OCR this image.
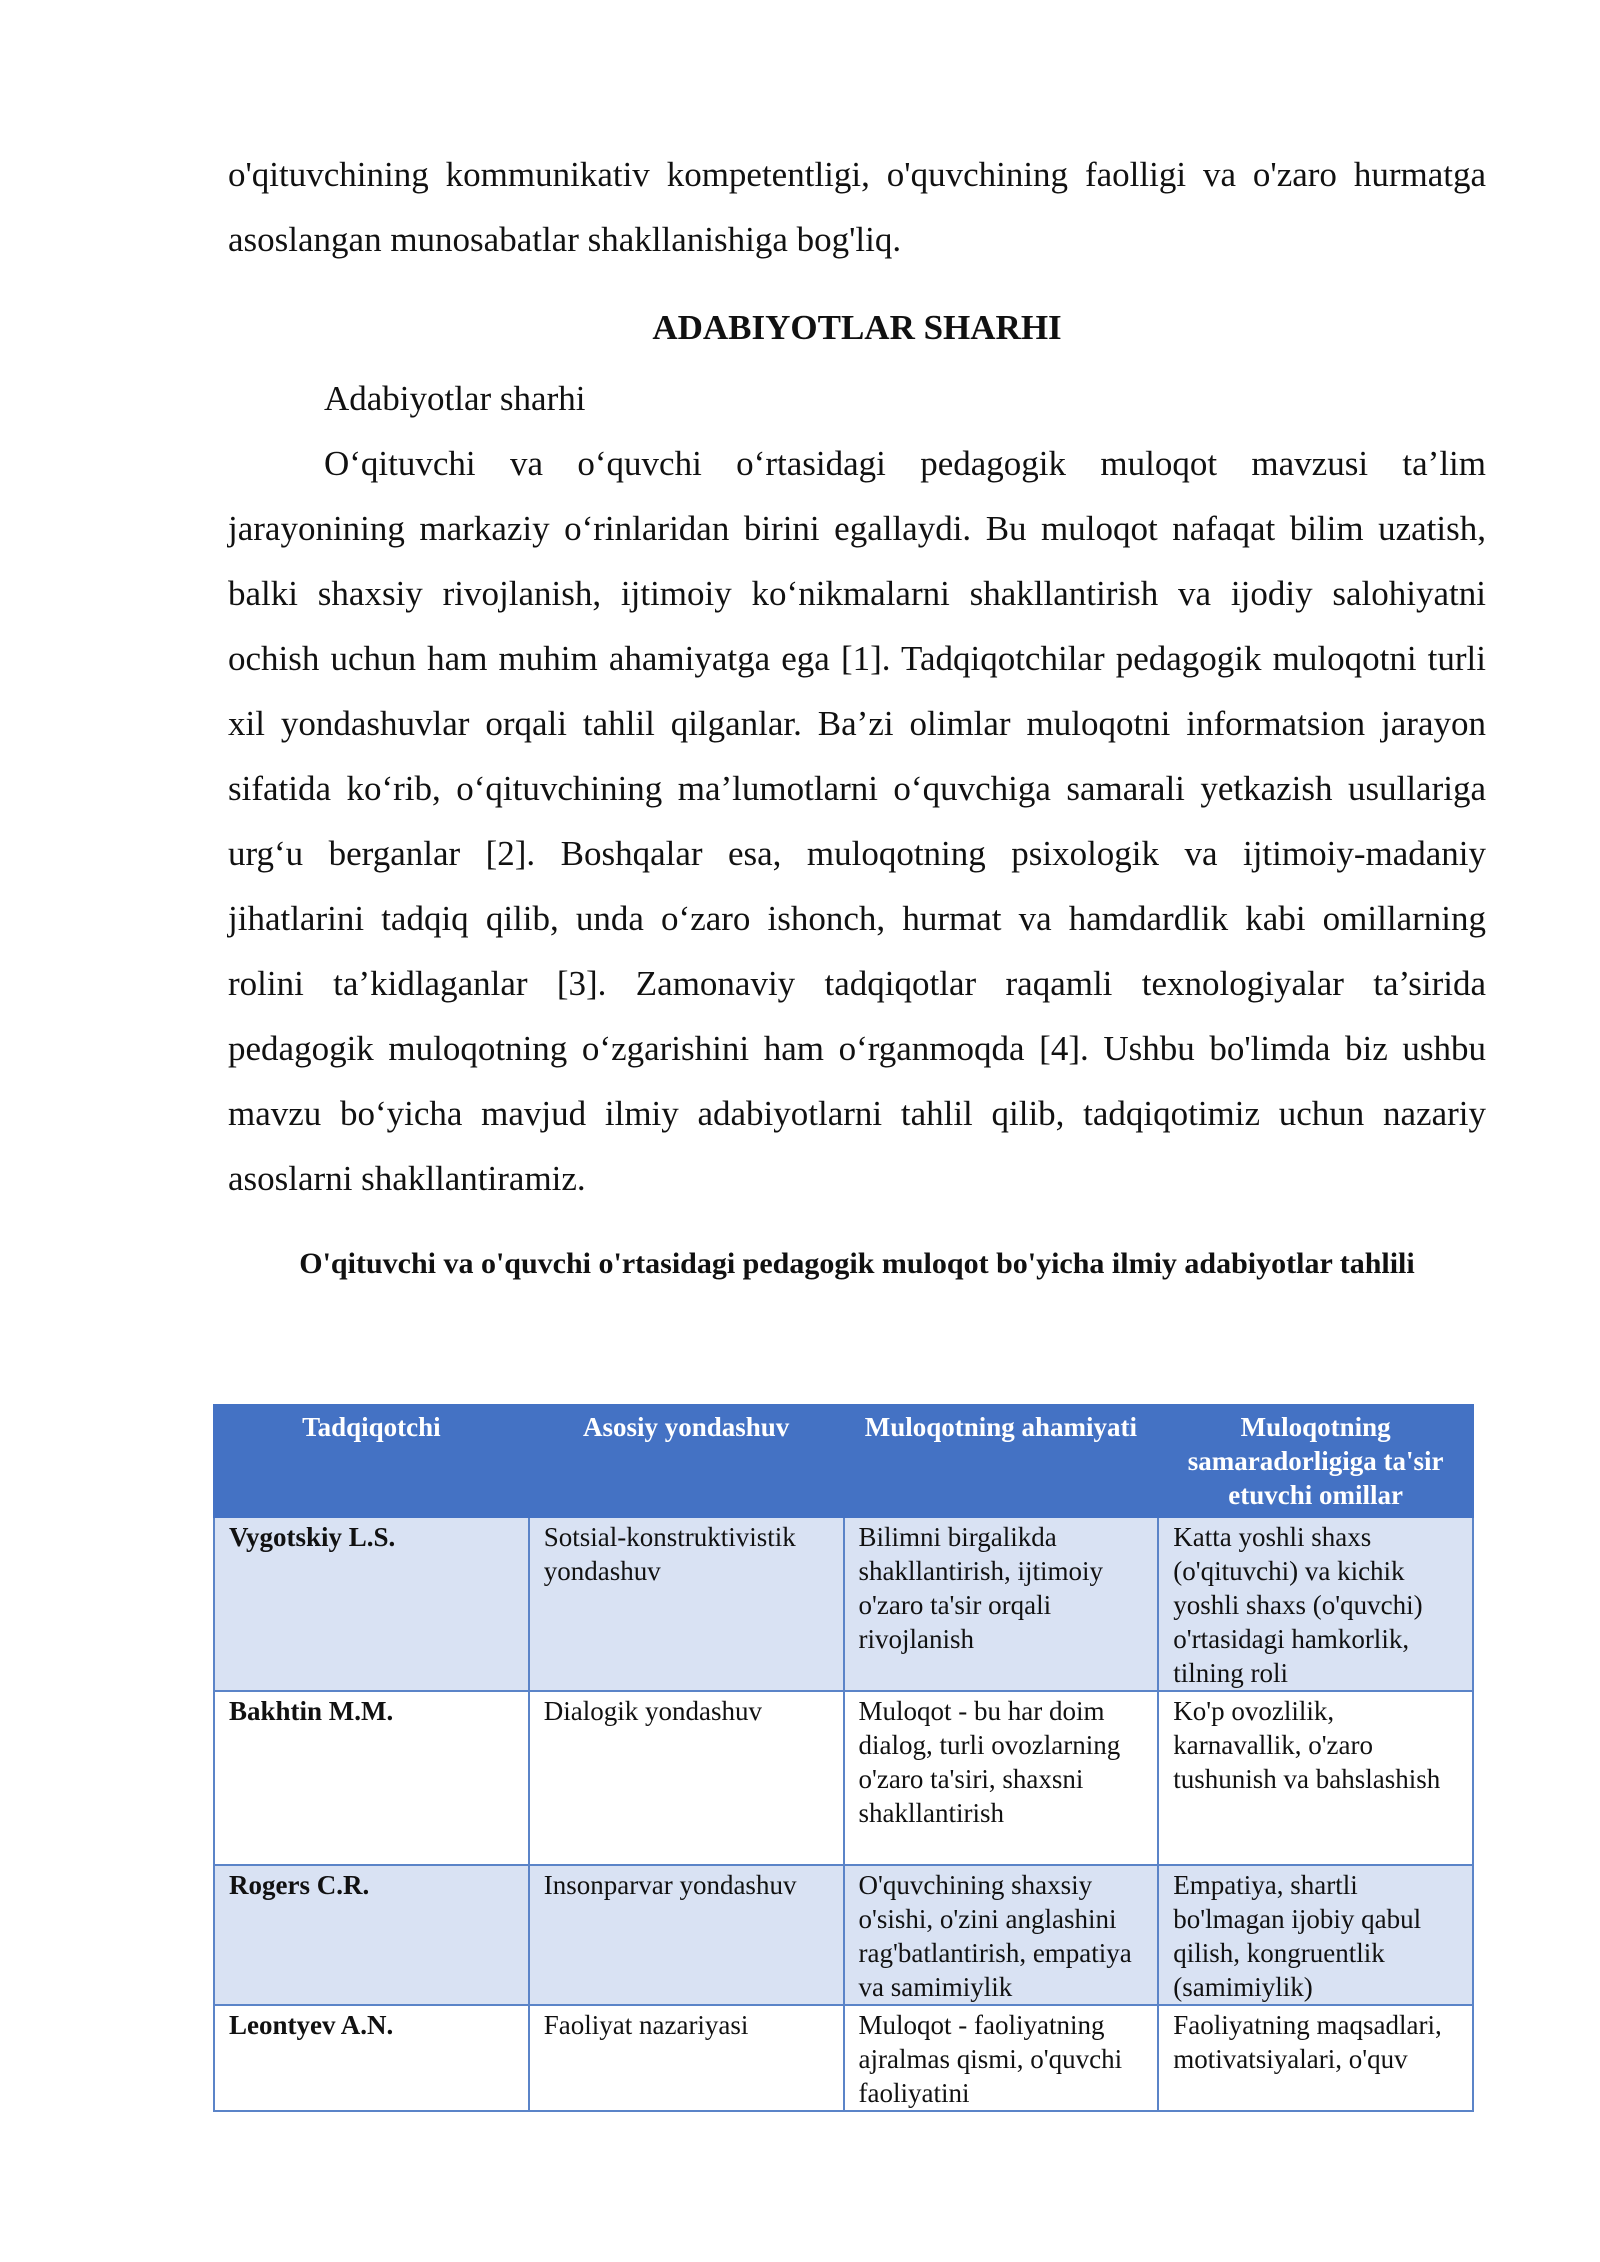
o'qituvchining kommunikativ kompetentligi, o'quvchining faolligi va o'zaro hurmatga asoslangan munosabatlar shakllanishiga bog'liq.

ADABIYOTLAR SHARHI

Adabiyotlar sharhi

O‘qituvchi va o‘quvchi o‘rtasidagi pedagogik muloqot mavzusi ta’lim jarayonining markaziy o‘rinlaridan birini egallaydi. Bu muloqot nafaqat bilim uzatish, balki shaxsiy rivojlanish, ijtimoiy ko‘nikmalarni shakllantirish va ijodiy salohiyatni ochish uchun ham muhim ahamiyatga ega [1]. Tadqiqotchilar pedagogik muloqotni turli xil yondashuvlar orqali tahlil qilganlar. Ba’zi olimlar muloqotni informatsion jarayon sifatida ko‘rib, o‘qituvchining ma’lumotlarni o‘quvchiga samarali yetkazish usullariga urg‘u berganlar [2]. Boshqalar esa, muloqotning psixologik va ijtimoiy-madaniy jihatlarini tadqiq qilib, unda o‘zaro ishonch, hurmat va hamdardlik kabi omillarning rolini ta’kidlaganlar [3]. Zamonaviy tadqiqotlar raqamli texnologiyalar ta’sirida pedagogik muloqotning o‘zgarishini ham o‘rganmoqda [4]. Ushbu bo'limda biz ushbu mavzu bo‘yicha mavjud ilmiy adabiyotlarni tahlil qilib, tadqiqotimiz uchun nazariy asoslarni shakllantiramiz.

O'qituvchi va o'quvchi o'rtasidagi pedagogik muloqot bo'yicha ilmiy adabiyotlar tahlili

Tadqiqotchi	Asosiy yondashuv	Muloqotning ahamiyati	Muloqotning samaradorligiga ta'sir etuvchi omillar
Vygotskiy L.S.	Sotsial-konstruktivistik yondashuv	Bilimni birgalikda shakllantirish, ijtimoiy o'zaro ta'sir orqali rivojlanish	Katta yoshli shaxs (o'qituvchi) va kichik yoshli shaxs (o'quvchi) o'rtasidagi hamkorlik, tilning roli
Bakhtin M.M.	Dialogik yondashuv	Muloqot - bu har doim dialog, turli ovozlarning o'zaro ta'siri, shaxsni shakllantirish	Ko'p ovozlilik, karnavallik, o'zaro tushunish va bahslashish
Rogers C.R.	Insonparvar yondashuv	O'quvchining shaxsiy o'sishi, o'zini anglashini rag'batlantirish, empatiya va samimiylik	Empatiya, shartli bo'lmagan ijobiy qabul qilish, kongruentlik (samimiylik)
Leontyev A.N.	Faoliyat nazariyasi	Muloqot - faoliyatning ajralmas qismi, o'quvchi faoliyatini	Faoliyatning maqsadlari, motivatsiyalari, o'quv
